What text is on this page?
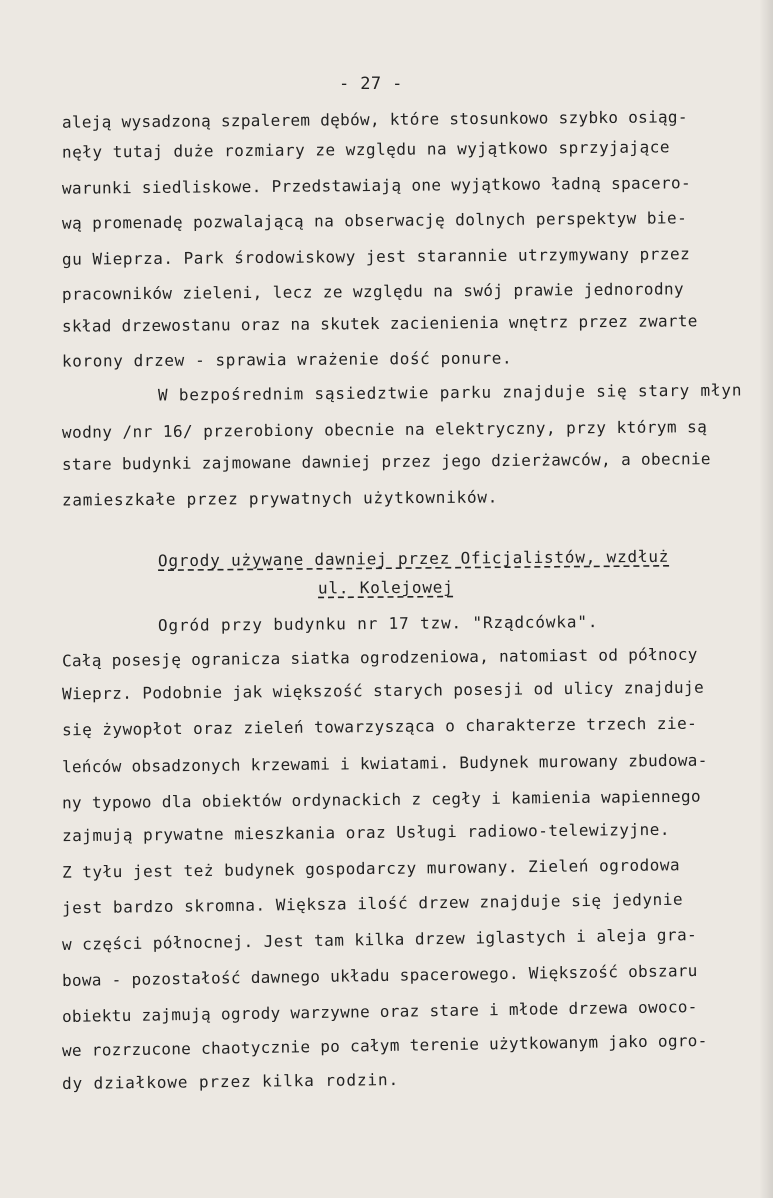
- 27 -
aleją wysadzoną szpalerem dębów, które stosunkowo szybko osiąg-
nęły tutaj duże rozmiary ze względu na wyjątkowo sprzyjające
warunki siedliskowe. Przedstawiają one wyjątkowo ładną spacero-
wą promenadę pozwalającą na obserwację dolnych perspektyw bie-
gu Wieprza. Park środowiskowy jest starannie utrzymywany przez
pracowników zieleni, lecz ze względu na swój prawie jednorodny
skład drzewostanu oraz na skutek zacienienia wnętrz przez zwarte
korony drzew - sprawia wrażenie dość ponure.
W bezpośrednim sąsiedztwie parku znajduje się stary młyn
wodny /nr 16/ przerobiony obecnie na elektryczny, przy którym są
stare budynki zajmowane dawniej przez jego dzierżawców, a obecnie
zamieszkałe przez prywatnych użytkowników.
Ogrody używane dawniej przez Oficjalistów, wzdłuż
ul. Kolejowej
Ogród przy budynku nr 17 tzw. "Rządcówka".
Całą posesję ogranicza siatka ogrodzeniowa, natomiast od północy
Wieprz. Podobnie jak większość starych posesji od ulicy znajduje
się żywopłot oraz zieleń towarzysząca o charakterze trzech zie-
leńców obsadzonych krzewami i kwiatami. Budynek murowany zbudowa-
ny typowo dla obiektów ordynackich z cegły i kamienia wapiennego
zajmują prywatne mieszkania oraz Usługi radiowo-telewizyjne.
Z tyłu jest też budynek gospodarczy murowany. Zieleń ogrodowa
jest bardzo skromna. Większa ilość drzew znajduje się jedynie
w części północnej. Jest tam kilka drzew iglastych i aleja gra-
bowa - pozostałość dawnego układu spacerowego. Większość obszaru
obiektu zajmują ogrody warzywne oraz stare i młode drzewa owoco-
we rozrzucone chaotycznie po całym terenie użytkowanym jako ogro-
dy działkowe przez kilka rodzin.
